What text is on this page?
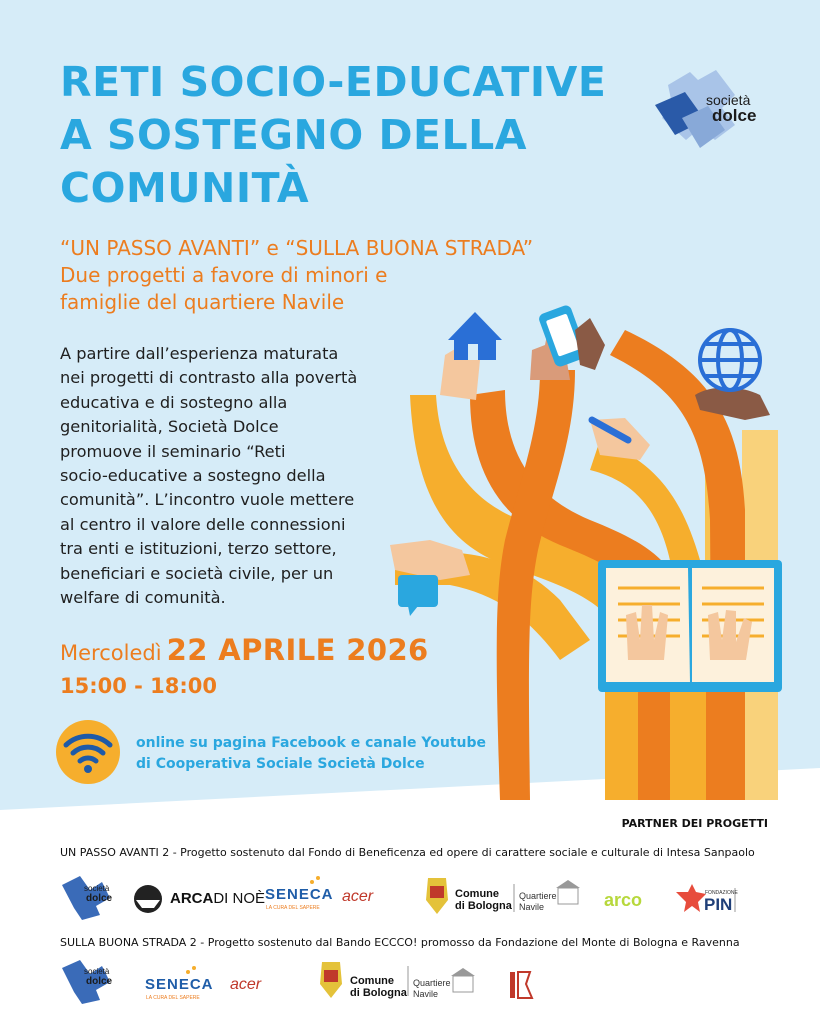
società
dolce
RETI SOCIO-EDUCATIVE
A SOSTEGNO DELLA
COMUNITÀ
“UN PASSO AVANTI” e “SULLA BUONA STRADA”
Due progetti a favore di minori e
famiglie del quartiere Navile
A partire dall’esperienza maturata
nei progetti di contrasto alla povertà
educativa e di sostegno alla
genitorialità, Società Dolce
promuove il seminario “Reti
socio-educative a sostegno della
comunità”. L’incontro vuole mettere
al centro il valore delle connessioni
tra enti e istituzioni, terzo settore,
beneficiari e società civile, per un
welfare di comunità.
Mercoledì 22 APRILE 2026
15:00 - 18:00
online su pagina Facebook e canale Youtube
di Cooperativa Sociale Società Dolce
PARTNER DEI PROGETTI
UN PASSO AVANTI 2 - Progetto sostenuto dal Fondo di Beneficenza ed opere di carattere sociale e culturale di Intesa Sanpaolo
SULLA BUONA STRADA 2 - Progetto sostenuto dal Bando ECCCO! promosso da Fondazione del Monte di Bologna e Ravenna
società
dolce	ARCADI NOÈ SENECA
LA CURA DEL SAPERE
acer	Comune
di Bologna
Quartiere
Navile	arco	FONDAZIONE
PIN
società
dolce SENECA
LA CURA DEL SAPERE
acer	Comune
di Bologna
Quartiere
Navile
